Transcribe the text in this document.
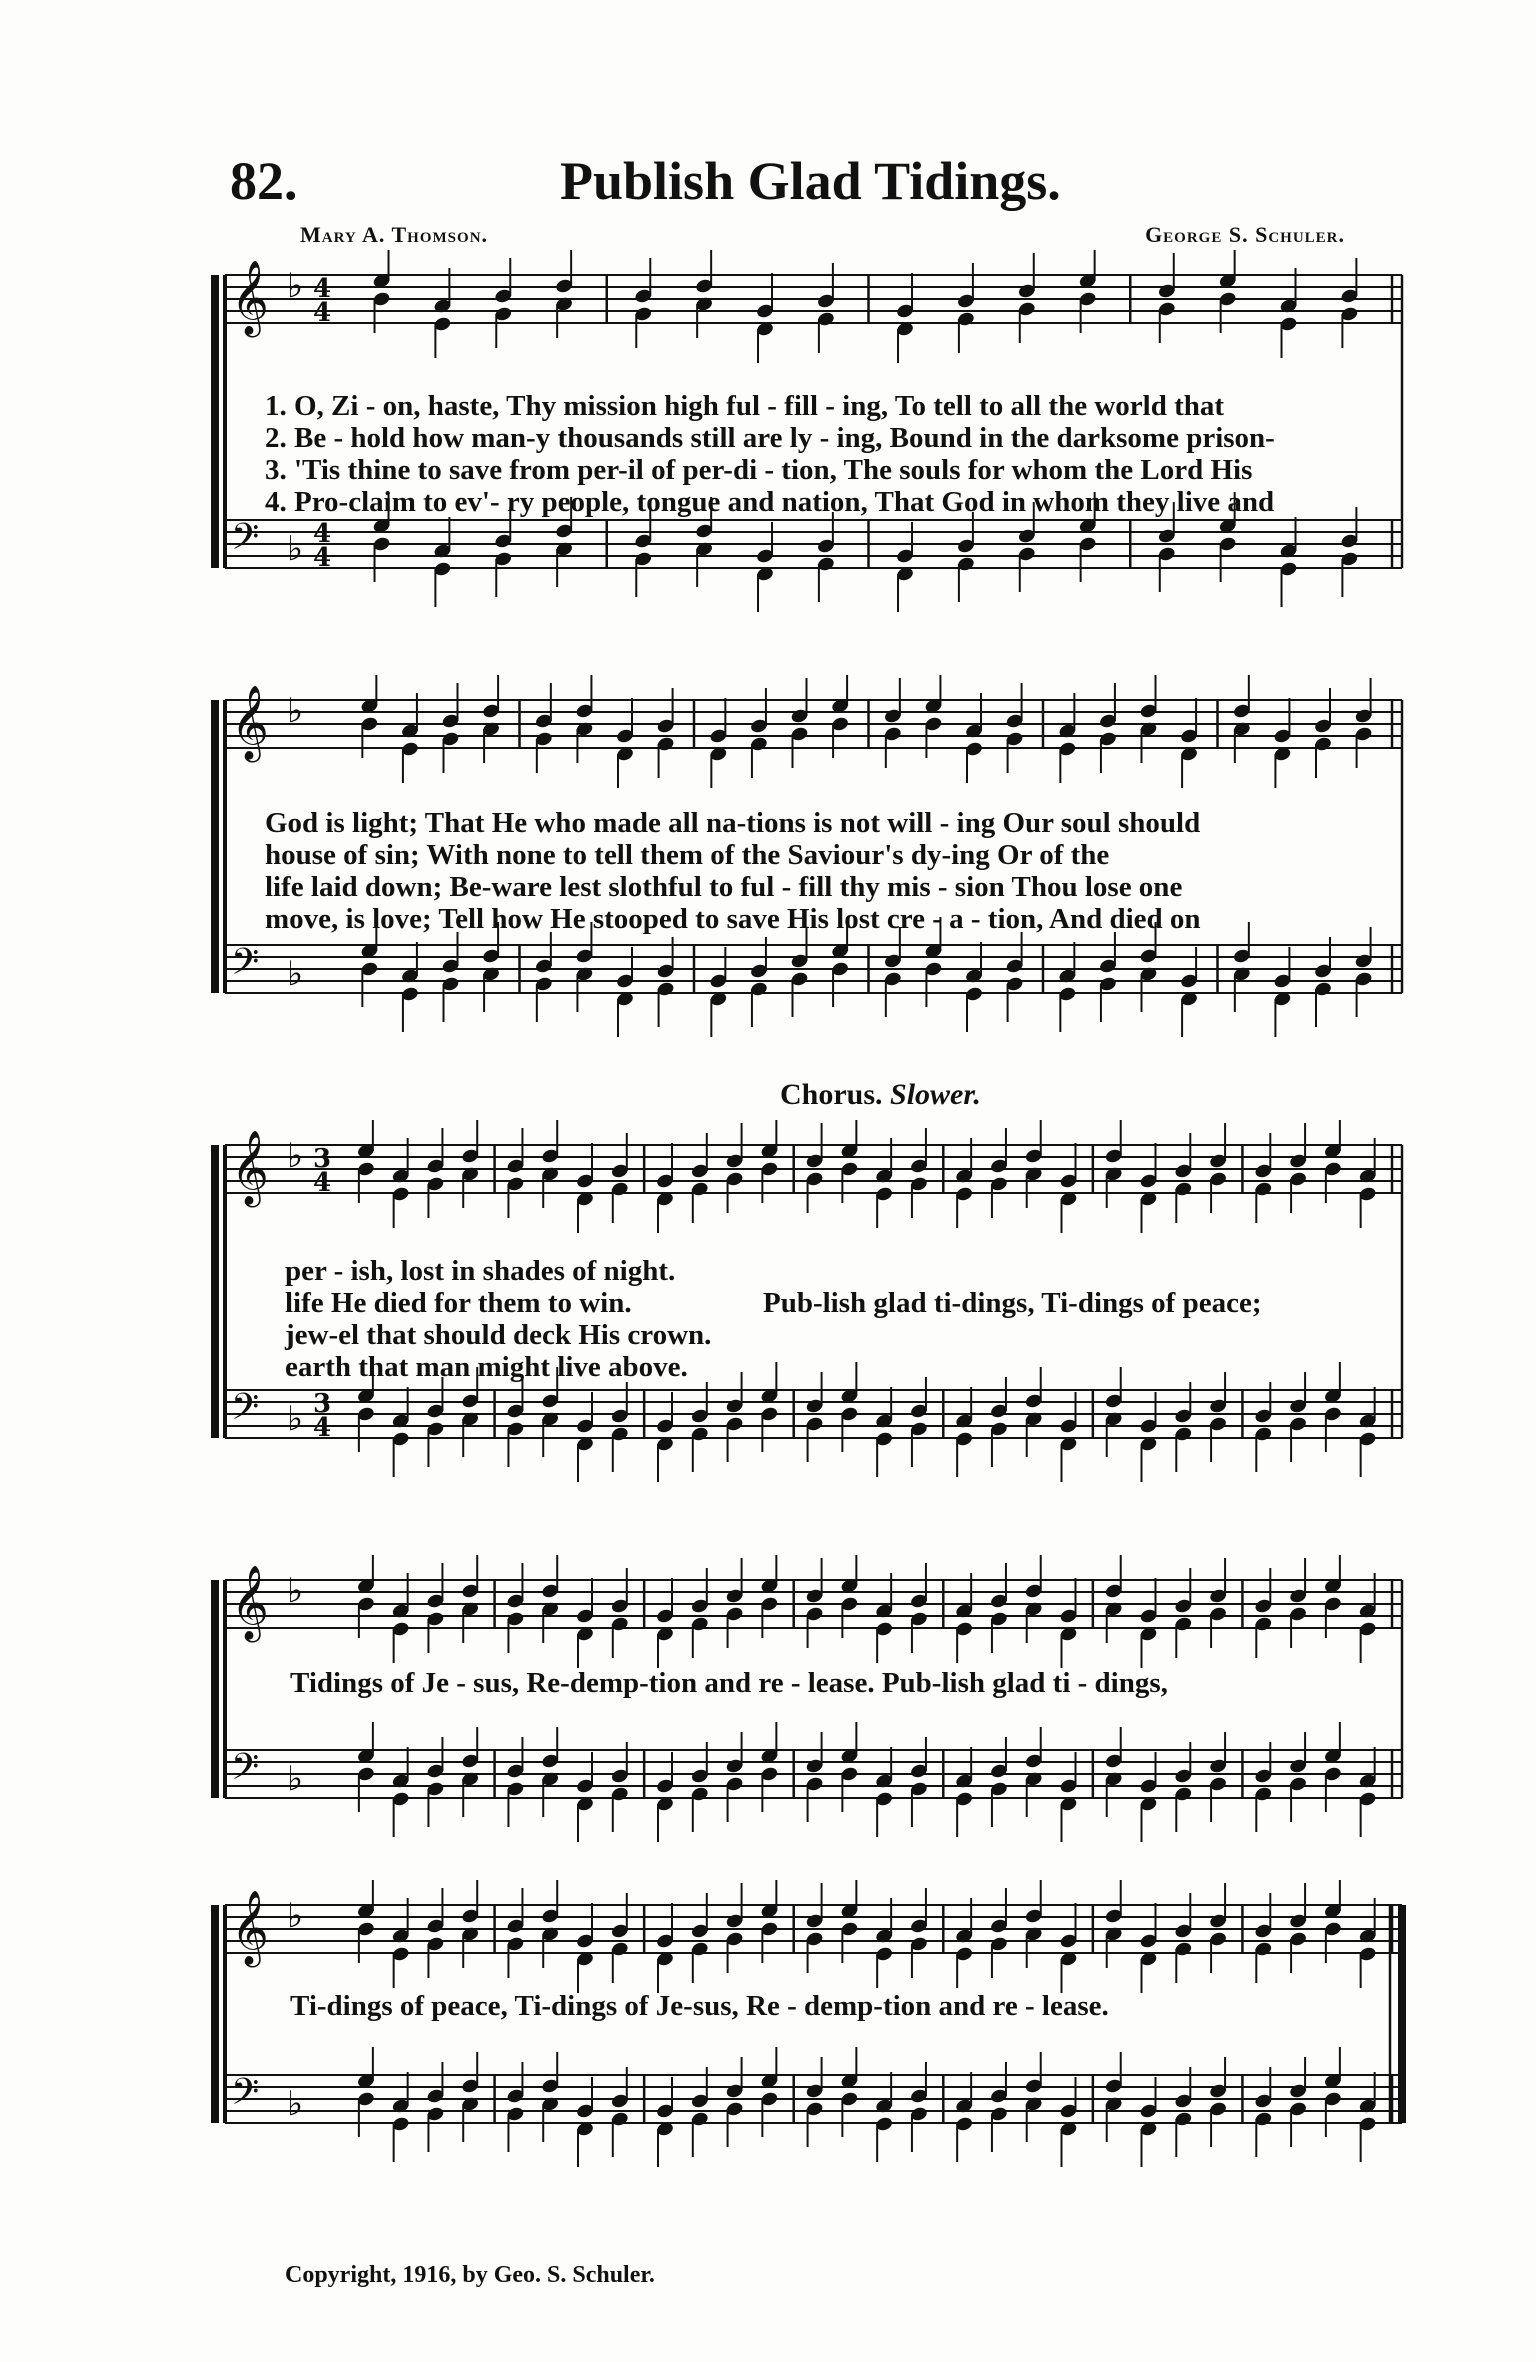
82.	Publish Glad Tidings.
Mary A. Thomson.	George S. Schuler.
𝄞 ♭ 4
4
𝄢 ♭ 4
4
1. O, Zi - on, haste, Thy mission high ful - fill - ing, To tell to all the world that
2. Be - hold how man-y thousands still are ly - ing, Bound in the darksome prison-
3. 'Tis thine to save from per-il of per-di - tion, The souls for whom the Lord His
4. Pro-claim to ev'- ry people, tongue and nation, That God in whom they live and
𝄞 ♭
𝄢 ♭
God is light; That He who made all na-tions is not will - ing Our soul should
house of sin; With none to tell them of the Saviour's dy-ing Or of the
life laid down; Be-ware lest slothful to ful - fill thy mis - sion Thou lose one
move, is love; Tell how He stooped to save His lost cre - a - tion, And died on
Chorus. Slower.
𝄞 ♭ 3
4
𝄢 ♭ 3
4
per - ish, lost in shades of night.
life He died for them to win.
jew-el that should deck His crown.
earth that man might live above.
Pub-lish glad ti-dings, Ti-dings of peace;
𝄞 ♭
𝄢 ♭
Tidings of Je - sus, Re-demp-tion and re - lease. Pub-lish glad ti - dings,
𝄞 ♭
𝄢 ♭
Ti-dings of peace, Ti-dings of Je-sus, Re - demp-tion and re - lease.
Copyright, 1916, by Geo. S. Schuler.
